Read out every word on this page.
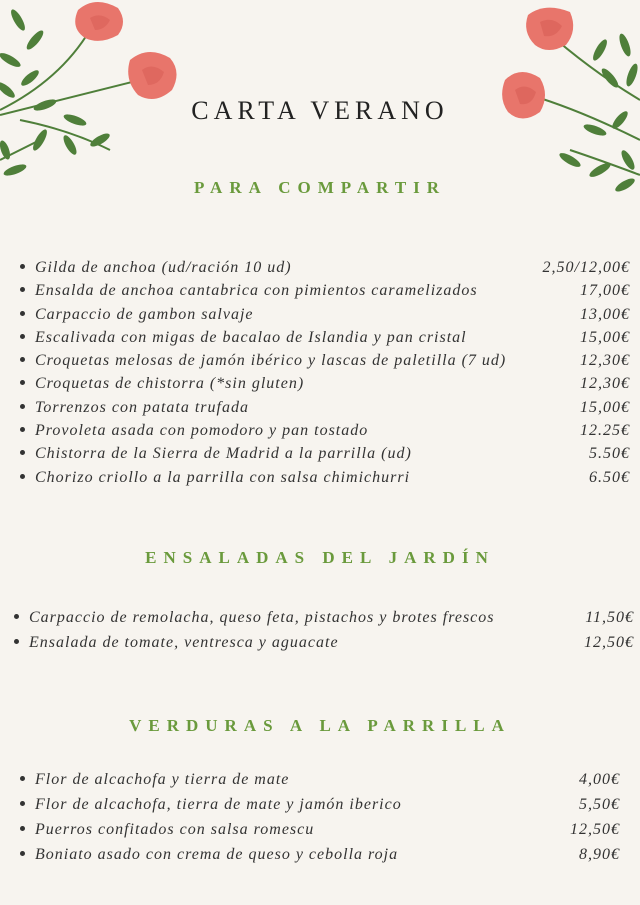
CARTA VERANO
PARA COMPARTIR
Gilda de anchoa (ud/ración 10 ud)	2,50/12,00€
Ensalda de anchoa cantabrica con pimientos caramelizados	17,00€
Carpaccio de gambon salvaje	13,00€
Escalivada con migas de bacalao de Islandia y pan cristal	15,00€
Croquetas melosas de jamón ibérico y lascas de paletilla (7 ud)	12,30€
Croquetas de chistorra (*sin gluten)	12,30€
Torrenzos con patata trufada	15,00€
Provoleta asada con pomodoro y pan tostado	12.25€
Chistorra de la Sierra de Madrid a la parrilla (ud)	5.50€
Chorizo criollo a la parrilla con salsa chimichurri	6.50€
ENSALADAS DEL JARDÍN
Carpaccio de remolacha, queso feta, pistachos y brotes frescos	11,50€
Ensalada de tomate, ventresca y aguacate	12,50€
VERDURAS A LA PARRILLA
Flor de alcachofa y tierra de mate	4,00€
Flor de alcachofa, tierra de mate y jamón iberico	5,50€
Puerros confitados con salsa romescu	12,50€
Boniato asado con crema de queso y cebolla roja	8,90€
